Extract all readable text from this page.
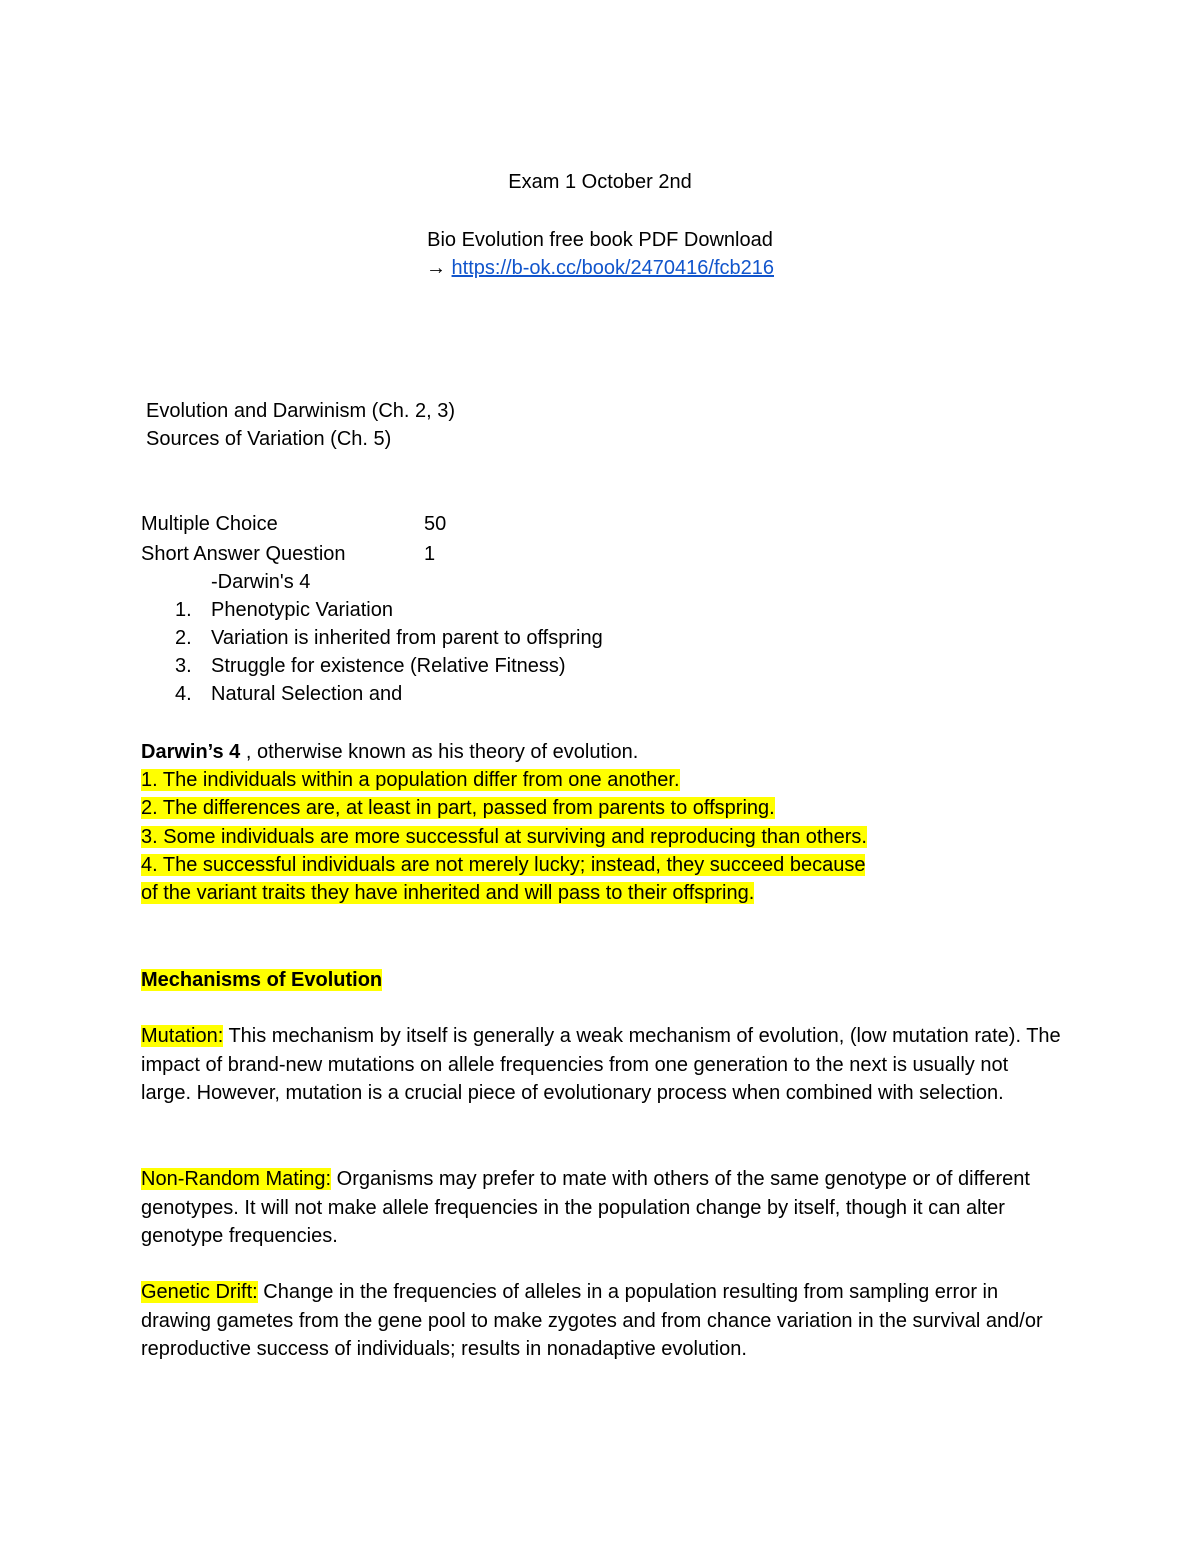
Exam 1 October 2nd
Bio Evolution free book PDF Download
→ https://b-ok.cc/book/2470416/fcb216
Evolution and Darwinism (Ch. 2, 3)
Sources of Variation (Ch. 5)
Multiple Choice	50
Short Answer Question	1
-Darwin's 4
1. Phenotypic Variation
2. Variation is inherited from parent to offspring
3. Struggle for existence (Relative Fitness)
4. Natural Selection and
Darwin’s 4 , otherwise known as his theory of evolution.
1. The individuals within a population differ from one another.
2. The differences are, at least in part, passed from parents to offspring.
3. Some individuals are more successful at surviving and reproducing than others.
4. The successful individuals are not merely lucky; instead, they succeed because
of the variant traits they have inherited and will pass to their offspring.
Mechanisms of Evolution
Mutation: This mechanism by itself is generally a weak mechanism of evolution, (low mutation rate). The impact of brand-new mutations on allele frequencies from one generation to the next is usually not large. However, mutation is a crucial piece of evolutionary process when combined with selection.
Non-Random Mating: Organisms may prefer to mate with others of the same genotype or of different genotypes. It will not make allele frequencies in the population change by itself, though it can alter genotype frequencies.
Genetic Drift: Change in the frequencies of alleles in a population resulting from sampling error in drawing gametes from the gene pool to make zygotes and from chance variation in the survival and/or reproductive success of individuals; results in nonadaptive evolution.
